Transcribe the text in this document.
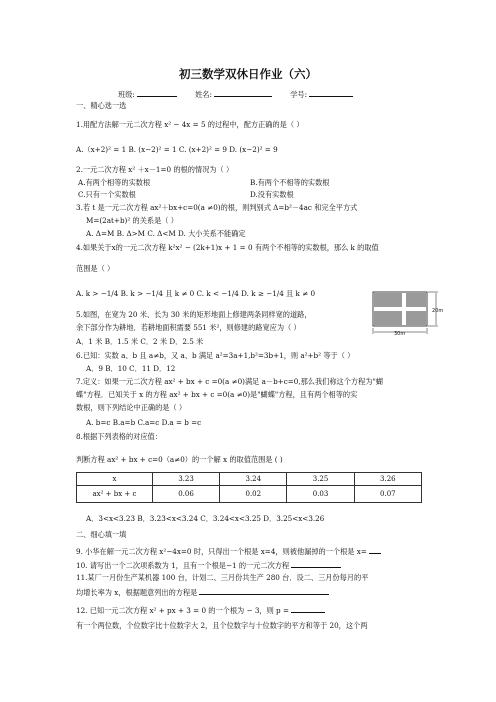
初三数学双休日作业（六）
班级:	姓名:	学号:
一、精心选一选
1.用配方法解一元二次方程 x² − 4x = 5 的过程中，配方正确的是（ ）
A.（x+2)² = 1 B. (x−2)² = 1 C. (x+2)² = 9 D. (x−2)² = 9
2.一元二次方程 x² ＋x－1=0 的根的情况为（ ）
A.有两个相等的实数根	B.有两个不相等的实数根
C.只有一个实数根	D.没有实数根
3.若 t 是一元二次方程 ax²＋bx+c=0(a ≠0)的根，则判别式 Δ=b²－4ac 和完全平方式
M=(2at+b)² 的关系是（ ）
A. Δ=M B. Δ>M C. Δ<M D. 大小关系不能确定
4.如果关于x的一元二次方程 k²x² − (2k+1)x + 1 = 0 有两个不相等的实数根，那么 k 的取值
范围是（ ）
A. k > −1/4 B. k > −1/4 且 k ≠ 0 C. k < −1/4 D. k ≥ −1/4 且 k ≠ 0
5.如图，在宽为 20 米、长为 30 米的矩形地面上修建两条同样宽的道路，
余下部分作为耕地．若耕地面积需要 551 米²，则修建的路宽应为（ ）
A．1 米 B．1.5 米 C．2 米 D．2.5 米
20m
30m
6.已知：实数 a、b 且 a≠b，又 a、b 满足 a²=3a+1,b²=3b+1，则 a²+b² 等于（ ）
A．9 B．10 C．11 D．12
7.定义：如果一元二次方程 ax² + bx + c =0(a ≠0)满足 a－b+c=0,那么我们称这个方程为"蝴
蝶"方程．已知关于 x 的方程 ax² + bx + c =0(a ≠0)是"蝴蝶"方程，且有两个相等的实
数根，则下列结论中正确的是（ ）
A. b=c B.a=b C.a=c D.a = b =c
8.根据下列表格的对应值：
判断方程 ax² + bx + c=0（a≠0）的一个解 x 的取值范围是 ( )
x	3.23	3.24	3.25	3.26
ax² + bx + c	0.06	0.02	0.03	0.07
A．3<x<3.23 B．3.23<x<3.24 C．3.24<x<3.25 D．3.25<x<3.26
二、细心填一填
9. 小华在解一元二次方程 x²−4x=0 时，只得出一个根是 x=4，则被他漏掉的一个根是 x=
10. 请写出一个二次项系数为 1，且有一个根是−1 的一元二次方程
11.某厂一月份生产某机器 100 台，计划二、三月份共生产 280 台．设二、三月份每月的平
均增长率为 x，根据题意列出的方程是
12. 已知一元二次方程 x² + px + 3 = 0 的一个根为 − 3，则 p =
有一个两位数，个位数字比十位数字大 2，且个位数字与十位数字的平方和等于 20，这个两
